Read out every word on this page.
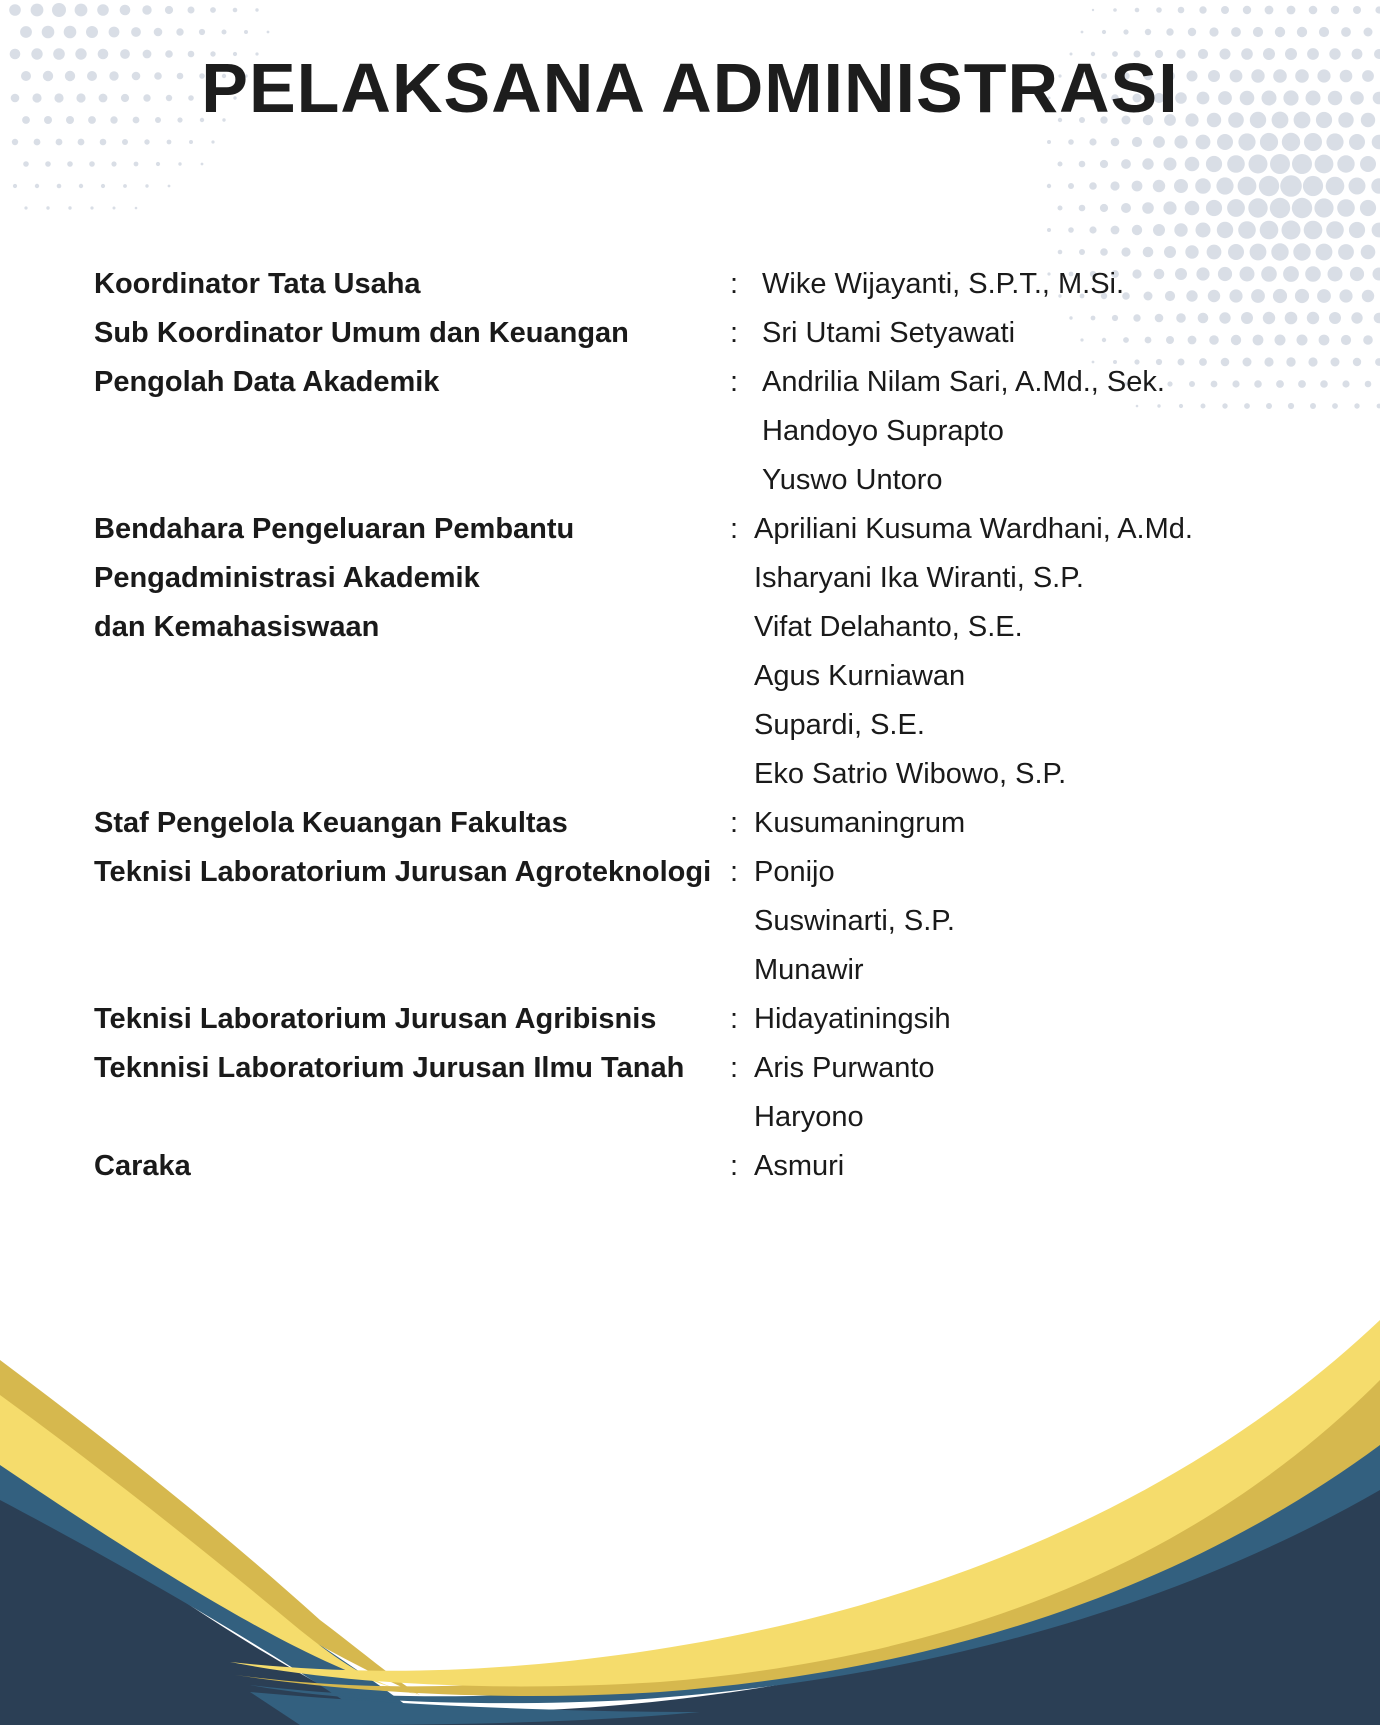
PELAKSANA ADMINISTRASI
Koordinator Tata Usaha	: Wike Wijayanti, S.P.T., M.Si.
Sub Koordinator Umum dan Keuangan	: Sri Utami Setyawati
Pengolah Data Akademik	: Andrilia Nilam Sari, A.Md., Sek.
Handoyo Suprapto
Yuswo Untoro
Bendahara Pengeluaran Pembantu
Pengadministrasi Akademik
dan Kemahasiswaan
: Apriliani Kusuma Wardhani, A.Md.
Isharyani Ika Wiranti, S.P.
Vifat Delahanto, S.E.
Agus Kurniawan
Supardi, S.E.
Eko Satrio Wibowo, S.P.
Staf Pengelola Keuangan Fakultas	: Kusumaningrum
Teknisi Laboratorium Jurusan Agroteknologi : Ponijo
Suswinarti, S.P.
Munawir
Teknisi Laboratorium Jurusan Agribisnis	: Hidayatiningsih
Teknnisi Laboratorium Jurusan Ilmu Tanah	: Aris Purwanto
Haryono
Caraka	: Asmuri
